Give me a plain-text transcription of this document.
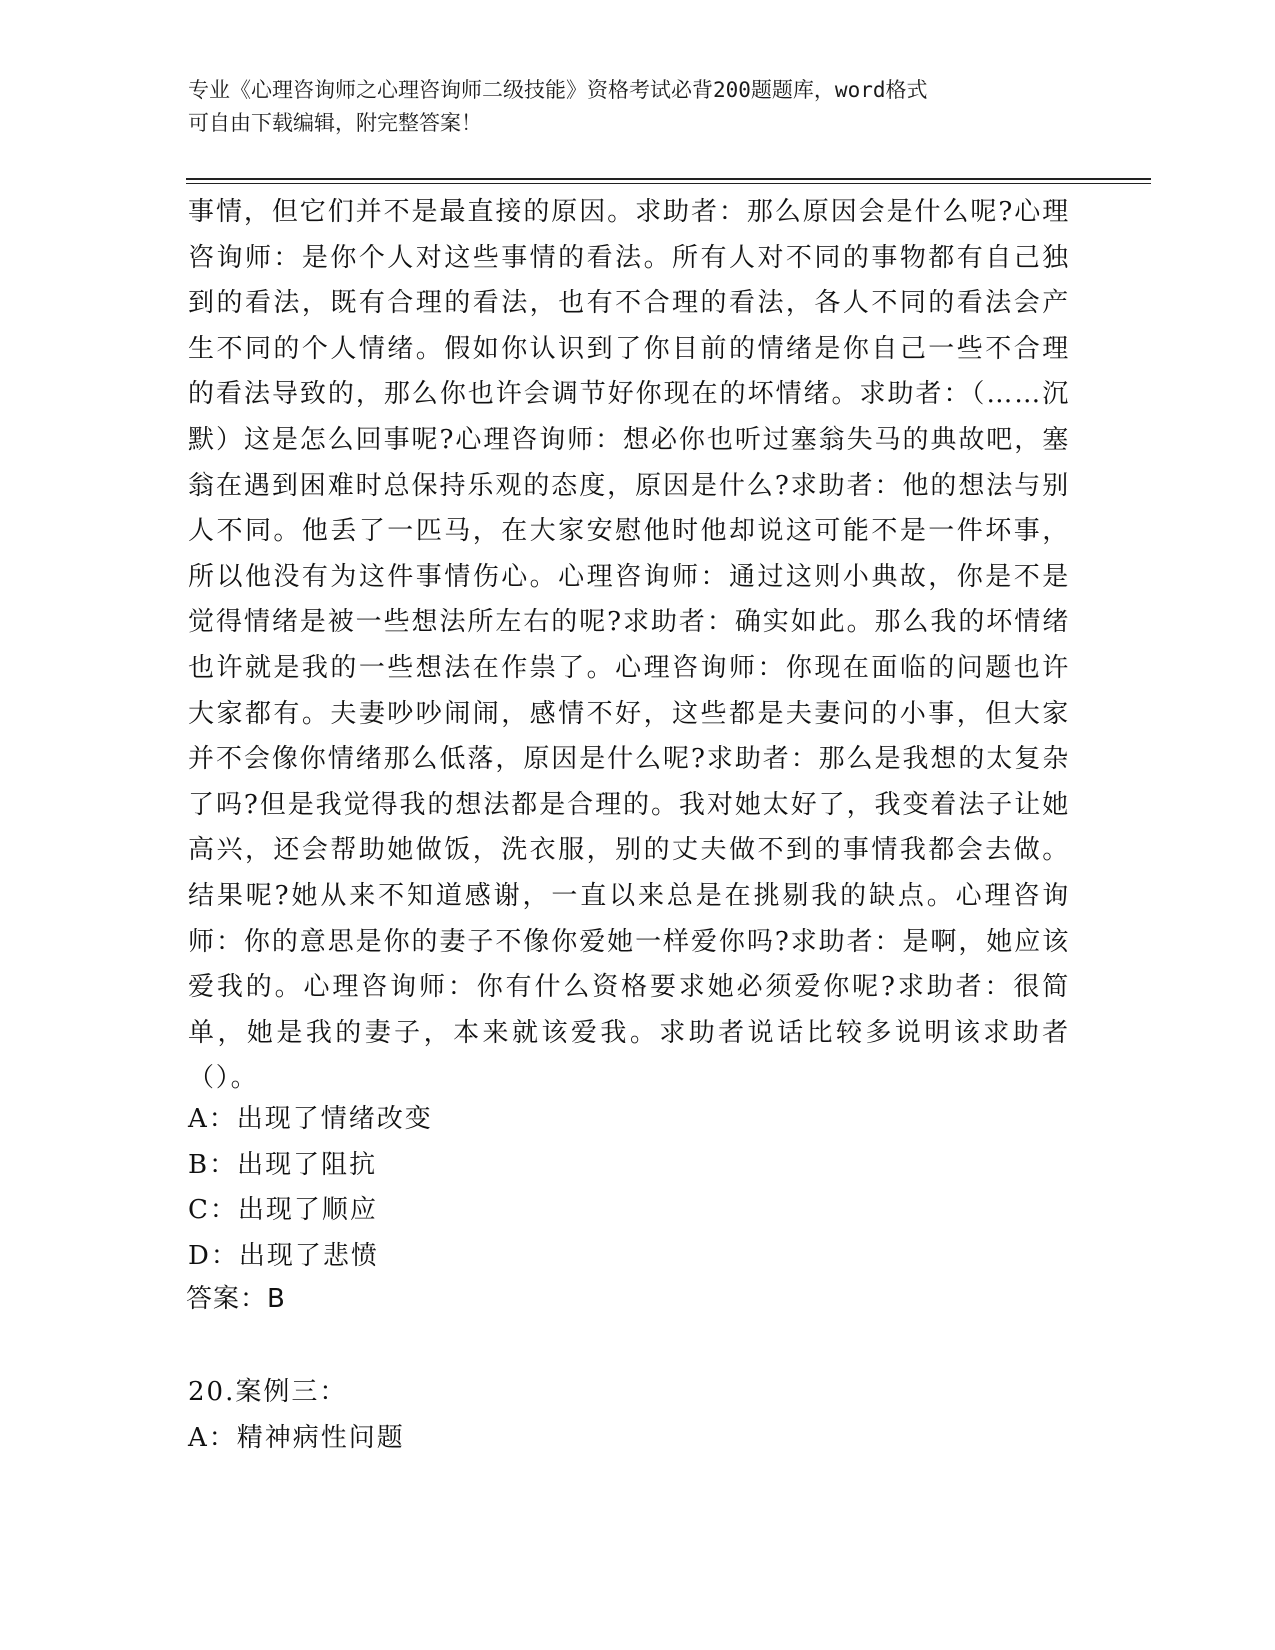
专业《心理咨询师之心理咨询师二级技能》资格考试必背200题题库，word格式
可自由下载编辑，附完整答案！
事情，但它们并不是最直接的原因。求助者：那么原因会是什么呢?心理咨询师：是你个人对这些事情的看法。所有人对不同的事物都有自己独到的看法，既有合理的看法，也有不合理的看法，各人不同的看法会产生不同的个人情绪。假如你认识到了你目前的情绪是你自己一些不合理的看法导致的，那么你也许会调节好你现在的坏情绪。求助者：（……沉默）这是怎么回事呢?心理咨询师：想必你也听过塞翁失马的典故吧，塞翁在遇到困难时总保持乐观的态度，原因是什么?求助者：他的想法与别人不同。他丢了一匹马，在大家安慰他时他却说这可能不是一件坏事，所以他没有为这件事情伤心。心理咨询师：通过这则小典故，你是不是觉得情绪是被一些想法所左右的呢?求助者：确实如此。那么我的坏情绪也许就是我的一些想法在作祟了。心理咨询师：你现在面临的问题也许大家都有。夫妻吵吵闹闹，感情不好，这些都是夫妻问的小事，但大家并不会像你情绪那么低落，原因是什么呢?求助者：那么是我想的太复杂了吗?但是我觉得我的想法都是合理的。我对她太好了，我变着法子让她高兴，还会帮助她做饭，洗衣服，别的丈夫做不到的事情我都会去做。结果呢?她从来不知道感谢，一直以来总是在挑剔我的缺点。心理咨询师：你的意思是你的妻子不像你爱她一样爱你吗?求助者：是啊，她应该爱我的。心理咨询师：你有什么资格要求她必须爱你呢?求助者：很简单，她是我的妻子，本来就该爱我。求助者说话比较多说明该求助者（）。
A：出现了情绪改变
B：出现了阻抗
C：出现了顺应
D：出现了悲愤
答案：B
20.案例三：
A：精神病性问题
